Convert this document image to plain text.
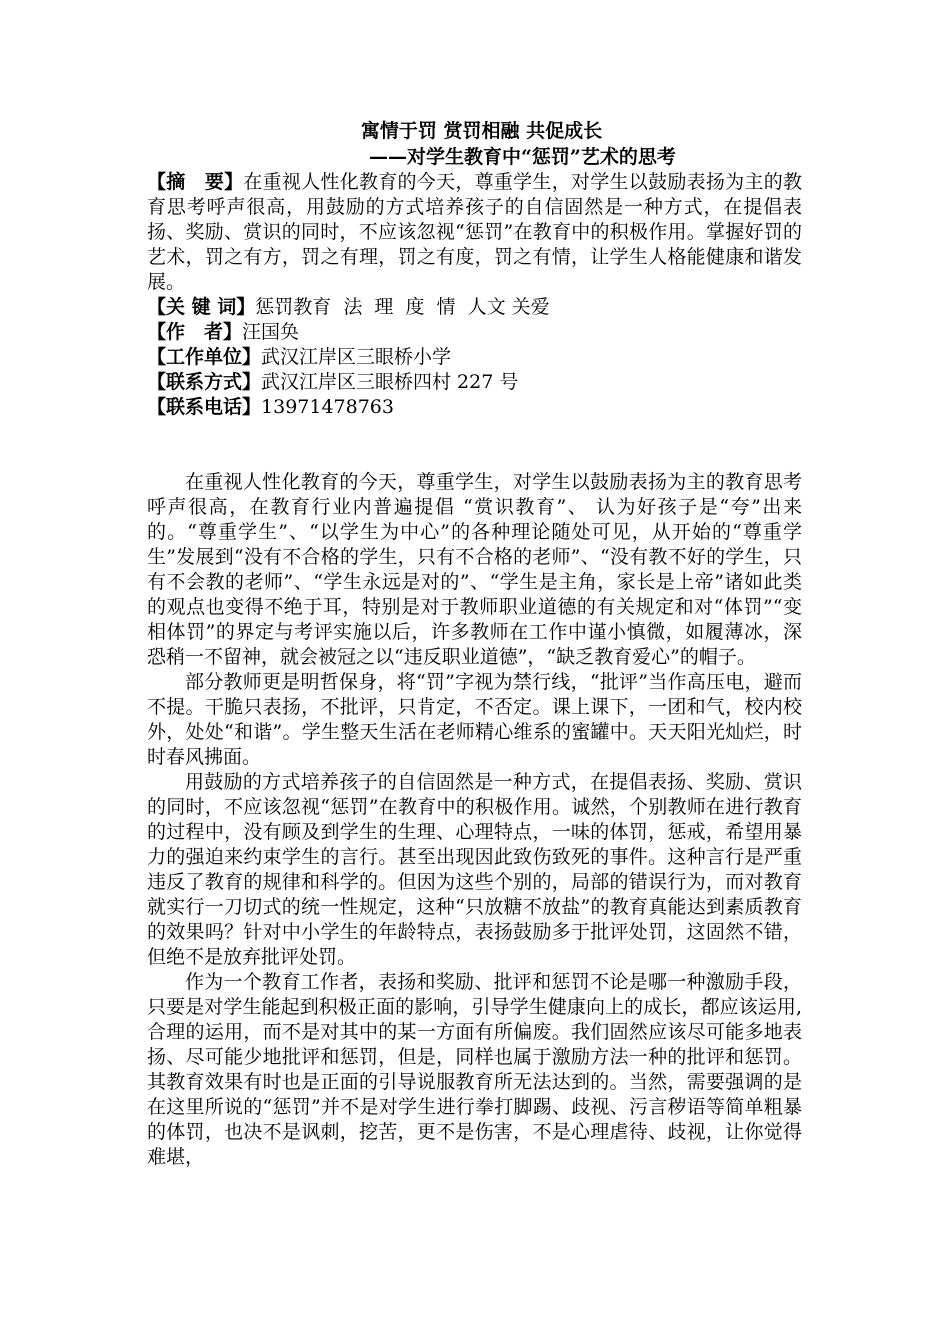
寓情于罚 赏罚相融 共促成长

——对学生教育中“惩罚”艺术的思考

【摘　要】在重视人性化教育的今天，尊重学生，对学生以鼓励表扬为主的教育思考呼声很高，用鼓励的方式培养孩子的自信固然是一种方式，在提倡表扬、奖励、赏识的同时，不应该忽视“惩罚”在教育中的积极作用。掌握好罚的艺术，罚之有方，罚之有理，罚之有度，罚之有情，让学生人格能健康和谐发展。

【关 键 词】惩罚教育  法  理  度  情  人文 关爱

【作　者】汪国奂

【工作单位】武汉江岸区三眼桥小学

【联系方式】武汉江岸区三眼桥四村 227 号

【联系电话】13971478763

在重视人性化教育的今天，尊重学生，对学生以鼓励表扬为主的教育思考呼声很高，在教育行业内普遍提倡 “赏识教育”、 认为好孩子是“夸”出来的。“尊重学生”、“以学生为中心”的各种理论随处可见，从开始的“尊重学生”发展到“没有不合格的学生，只有不合格的老师”、“没有教不好的学生，只有不会教的老师”、“学生永远是对的”、“学生是主角，家长是上帝”诸如此类的观点也变得不绝于耳，特别是对于教师职业道德的有关规定和对“体罚”“变相体罚”的界定与考评实施以后，许多教师在工作中谨小慎微，如履薄冰，深恐稍一不留神，就会被冠之以“违反职业道德”，“缺乏教育爱心”的帽子。

部分教师更是明哲保身，将“罚”字视为禁行线，“批评”当作高压电，避而不提。干脆只表扬，不批评，只肯定，不否定。课上课下，一团和气，校内校外，处处“和谐”。学生整天生活在老师精心维系的蜜罐中。天天阳光灿烂，时时春风拂面。

用鼓励的方式培养孩子的自信固然是一种方式，在提倡表扬、奖励、赏识的同时，不应该忽视“惩罚”在教育中的积极作用。诚然，个别教师在进行教育的过程中，没有顾及到学生的生理、心理特点，一味的体罚，惩戒，希望用暴力的强迫来约束学生的言行。甚至出现因此致伤致死的事件。这种言行是严重违反了教育的规律和科学的。但因为这些个别的，局部的错误行为，而对教育就实行一刀切式的统一性规定，这种“只放糖不放盐”的教育真能达到素质教育的效果吗？针对中小学生的年龄特点，表扬鼓励多于批评处罚，这固然不错，但绝不是放弃批评处罚。

作为一个教育工作者，表扬和奖励、批评和惩罚不论是哪一种激励手段，只要是对学生能起到积极正面的影响，引导学生健康向上的成长，都应该运用,合理的运用，而不是对其中的某一方面有所偏废。我们固然应该尽可能多地表扬、尽可能少地批评和惩罚，但是，同样也属于激励方法一种的批评和惩罚。其教育效果有时也是正面的引导说服教育所无法达到的。当然，需要强调的是在这里所说的“惩罚”并不是对学生进行拳打脚踢、歧视、污言秽语等简单粗暴的体罚，也决不是讽刺，挖苦，更不是伤害，不是心理虐待、歧视，让你觉得难堪，
